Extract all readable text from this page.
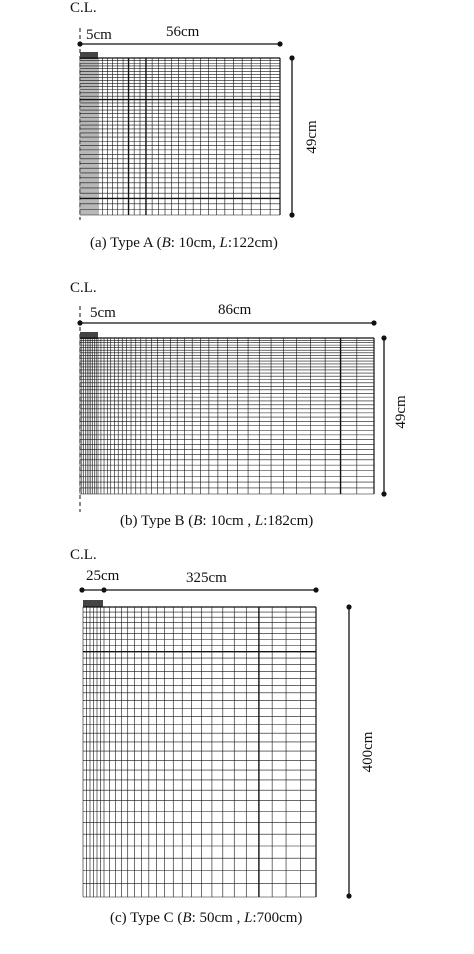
C.L.
5cm	56cm
49cm
(a) Type A (B: 10cm, L:122cm)
C.L.
5cm	86cm
49cm
(b) Type B (B: 10cm , L:182cm)
C.L.
25cm	325cm
400cm
(c) Type C (B: 50cm , L:700cm)
